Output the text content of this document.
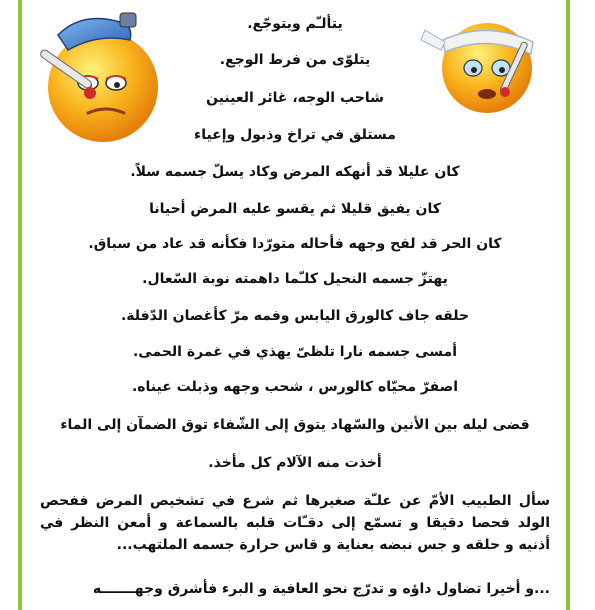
يتألـّم ويتوجّع.
يتلوّى من فرط الوجع.
شاحب الوجه، غائر العينين
مستلق في تراخ وذبول وإعياء
كان عليلا قد أنهكه المرض وكاد يسلّ جسمه سلاً.
كان يفيق قليلا ثم يقسو عليه المرض أحيانا
كان الحر قد لفح وجهه فأحاله متورّدا فكأنه قد عاد من سباق.
يهتزّ جسمه النحيل كلـّما داهمته نوبة السّعال.
حلقه جاف كالورق اليابس وفمه مرّ كأغصان الدّفلة.
أمسى جسمه نارا تلظىّ يهذي في غمرة الحمى.
اصفرّ محيّاه كالورس ، شحب وجهه وذبلت عيناه.
قضى ليله بين الأنين والسّهاد يتوق إلى الشّفاء توق الضمآن إلى الماء
أخذت منه الآلام كل مأخذ.
سأل الطبيب الأمّ عن علـّة صغيرها ثم شرع في تشخيص المرض ففحص الولد فحصا دقيقا و تسمّع إلى دقـّات قلبه بالسماعة و أمعن النظر في أذنيه و حلقه و جس نبضه بعناية و قاس حرارة جسمه الملتهب...
...و أخيرا تضاول داؤه و تدرّج نحو العافية و البرء فأشرق وجهـــــــه
